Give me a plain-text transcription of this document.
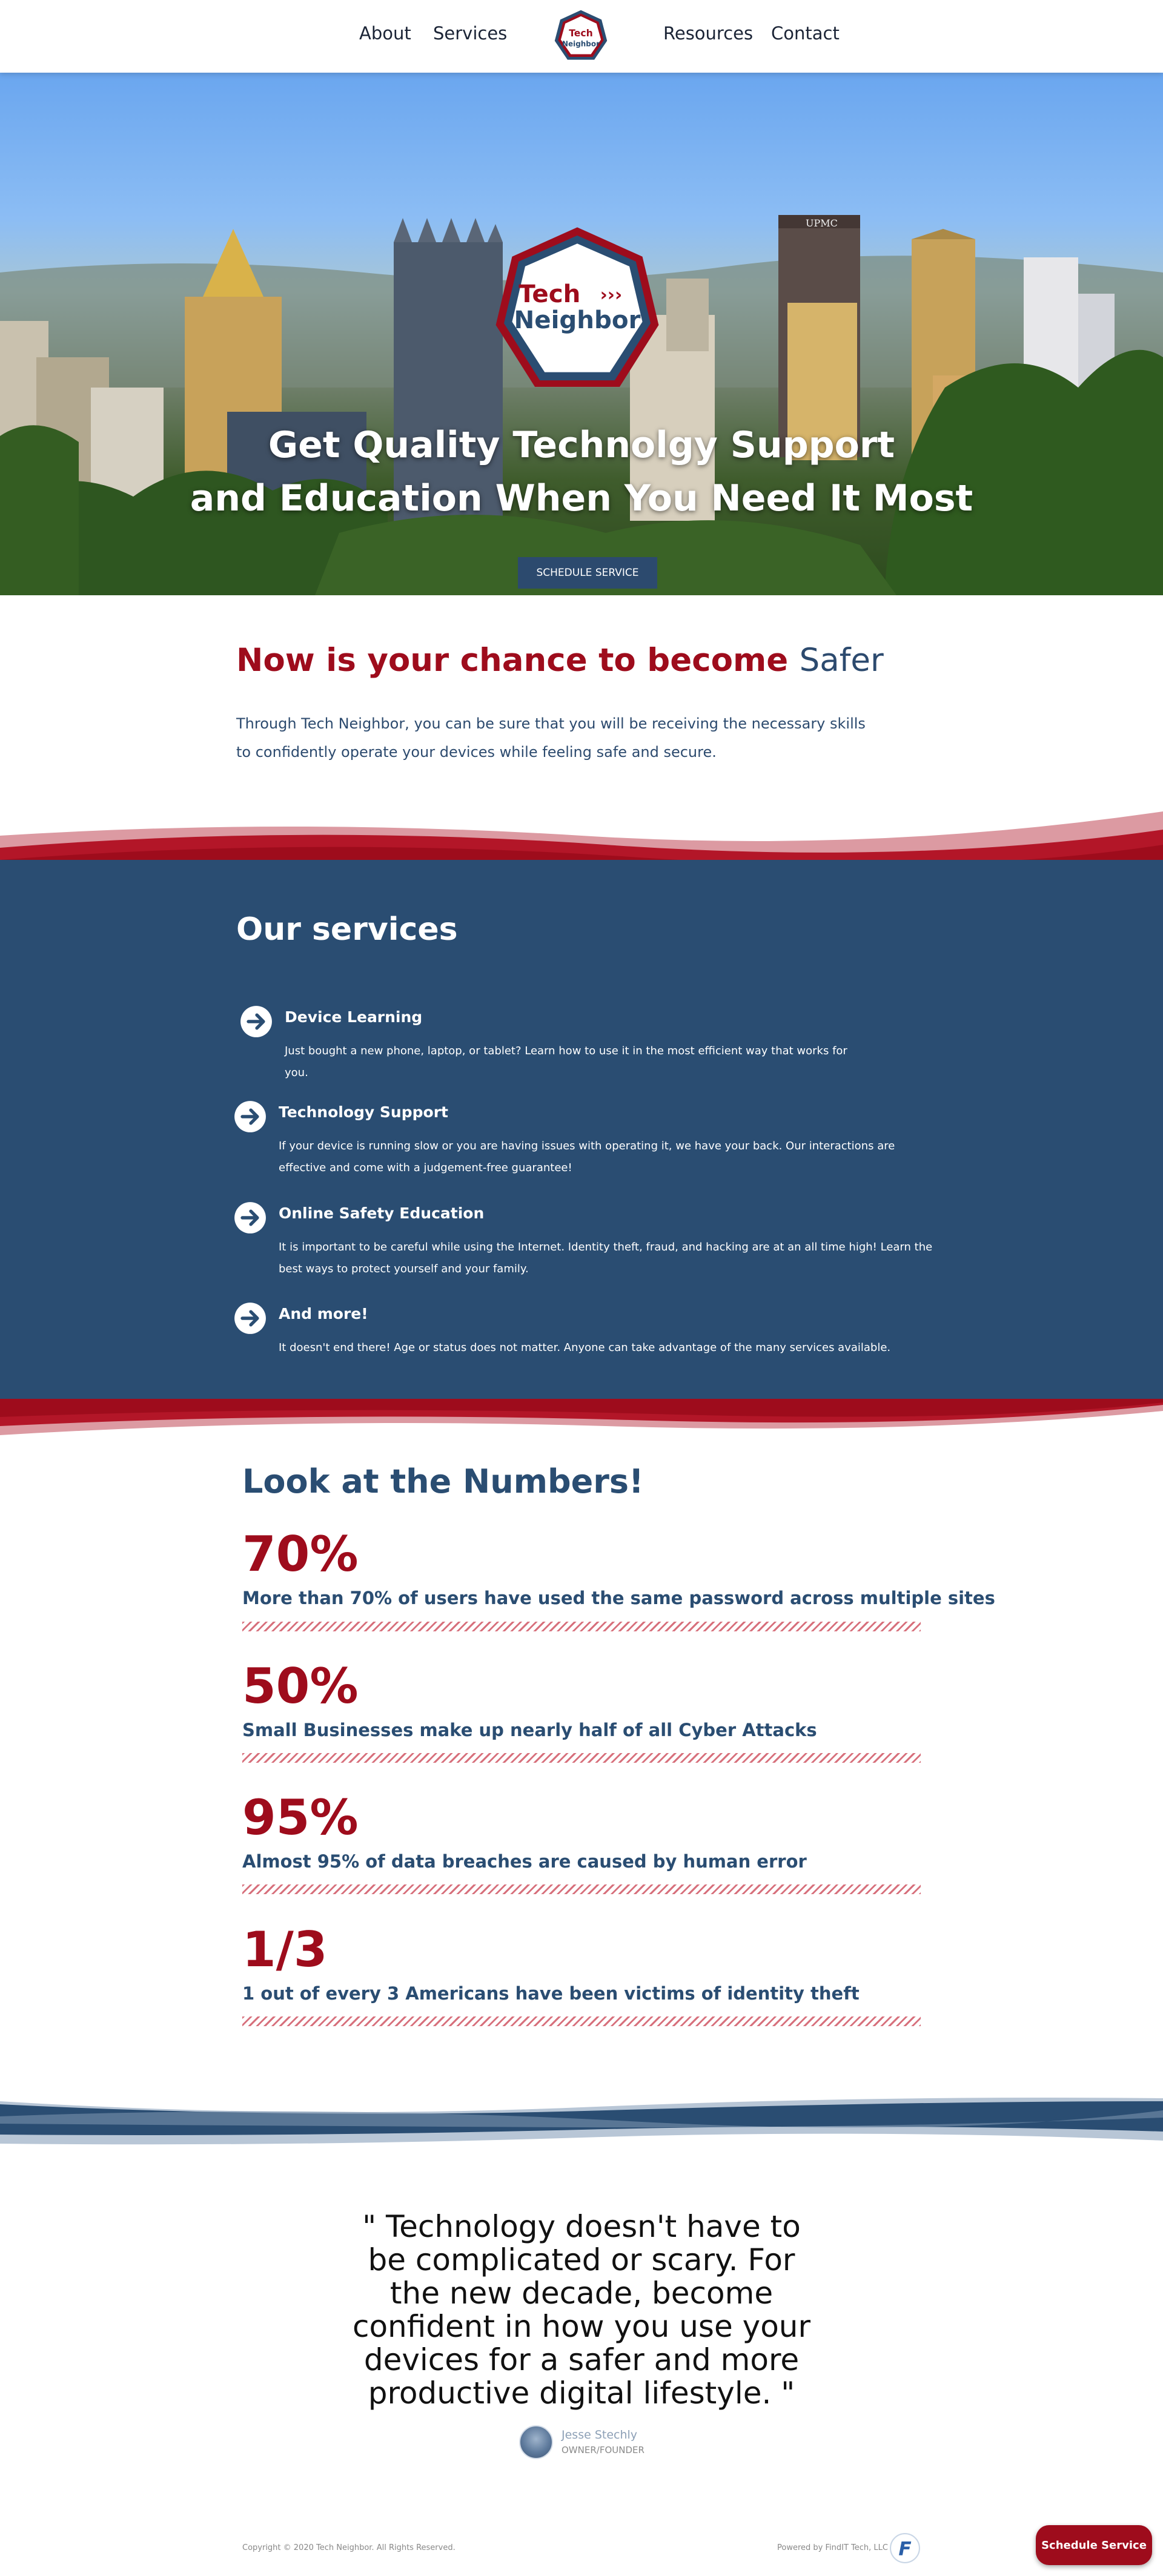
About Services	Tech
Neighbor
Resources Contact
UPMC
Tech	›››
Neighbor
Get Quality Technolgy Support
and Education When You Need It Most
SCHEDULE SERVICE
Now is your chance to become Safer

Through Tech Neighbor, you can be sure that you will be receiving the necessary skills to confidently operate your devices while feeling safe and secure.

Our services
Device Learning
Just bought a new phone, laptop, or tablet? Learn how to use it in the most efficient way that works for you.
Technology Support
If your device is running slow or you are having issues with operating it, we have your back. Our interactions are effective and come with a judgement-free guarantee!
Online Safety Education
It is important to be careful while using the Internet. Identity theft, fraud, and hacking are at an all time high! Learn the best ways to protect yourself and your family.
And more!
It doesn't end there! Age or status does not matter. Anyone can take advantage of the many services available.
Look at the Numbers!
70%
More than 70% of users have used the same password across multiple sites
50%
Small Businesses make up nearly half of all Cyber Attacks
95%
Almost 95% of data breaches are caused by human error
1/3
1 out of every 3 Americans have been victims of identity theft
" Technology doesn't have to be complicated or scary. For the new decade, become confident in how you use your devices for a safer and more productive digital lifestyle. "
Jesse Stechly
OWNER/FOUNDER
Copyright © 2020 Tech Neighbor. All Rights Reserved.	Powered by FindIT Tech, LLC F	Schedule Service
